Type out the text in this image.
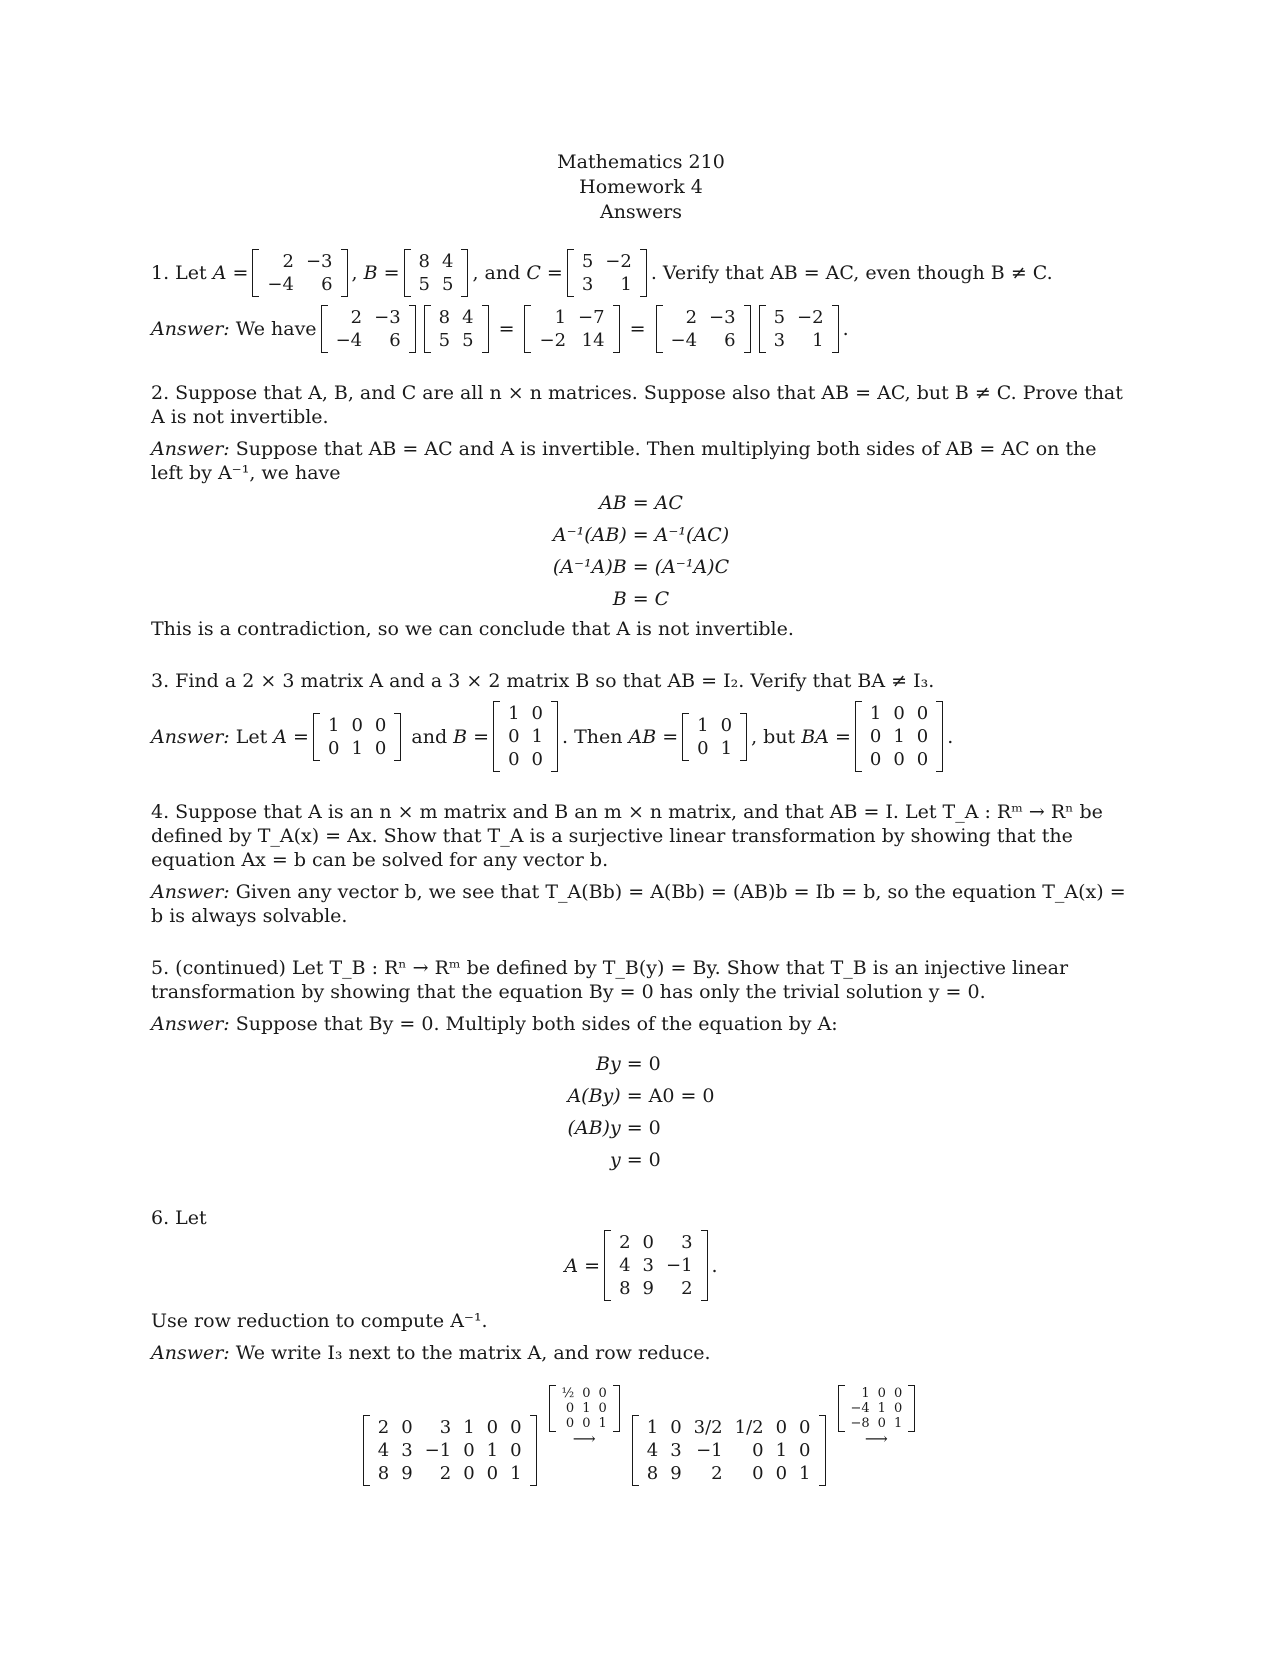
Mathematics 210
Homework 4
Answers
1. Let
A =
2	−3
−4	6
, B =
8	4
5	5
, and C =
5	−2
3	1
. Verify that AB = AC, even though B ≠ C.
Answer:
We have
2	−3
−4	6
8	4
5	5
=
1	−7
−2	14
=
2	−3
−4	6
5	−2
3	1
.

2. Suppose that A, B, and C are all n × n matrices. Suppose also that AB = AC, but B ≠ C. Prove that A is not invertible.

Answer: Suppose that AB = AC and A is invertible. Then multiplying both sides of AB = AC on the left by A⁻¹, we have

AB = AC
A⁻¹(AB) = A⁻¹(AC)
(A⁻¹A)B = (A⁻¹A)C
B = C

This is a contradiction, so we can conclude that A is not invertible.

3. Find a 2 × 3 matrix A and a 3 × 2 matrix B so that AB = I₂. Verify that BA ≠ I₃.

Answer: Let A =
1	0	0
0	1	0
and B =
1	0
0	1
0	0
. Then AB =
1	0
0	1
, but BA =
1	0	0
0	1	0
0	0	0
.

4. Suppose that A is an n × m matrix and B an m × n matrix, and that AB = I. Let T_A : Rᵐ → Rⁿ be defined by T_A(x) = Ax. Show that T_A is a surjective linear transformation by showing that the equation Ax = b can be solved for any vector b.

Answer: Given any vector b, we see that T_A(Bb) = A(Bb) = (AB)b = Ib = b, so the equation T_A(x) = b is always solvable.

5. (continued) Let T_B : Rⁿ → Rᵐ be defined by T_B(y) = By. Show that T_B is an injective linear transformation by showing that the equation By = 0 has only the trivial solution y = 0.

Answer: Suppose that By = 0. Multiply both sides of the equation by A:

By = 0
A(By) = A0 = 0
(AB)y = 0
y = 0

6. Let

A =
2	0	3
4	3	−1
8	9	2
.

Use row reduction to compute A⁻¹.

Answer: We write I₃ next to the matrix A, and row reduce.

2	0	3	1	0	0
4	3	−1	0	1	0
8	9	2	0	0	1
½	0	0
0	1	0
0	0	1
⟶
1	0	3/2	1/2	0	0
4	3	−1	0	1	0
8	9	2	0	0	1
1	0	0
−4	1	0
−8	0	1
⟶
